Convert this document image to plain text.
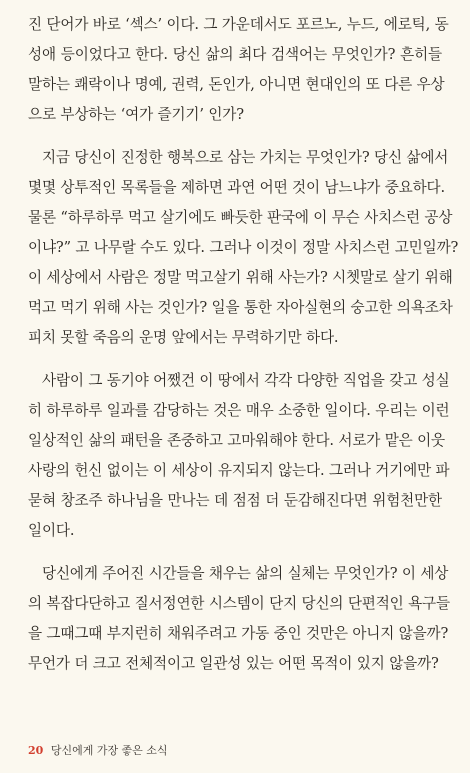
진 단어가 바로 ‘섹스’ 이다. 그 가운데서도 포르노, 누드, 에로틱, 동
성애 등이었다고 한다. 당신 삶의 최다 검색어는 무엇인가? 흔히들
말하는 쾌락이나 명예, 권력, 돈인가, 아니면 현대인의 또 다른 우상
으로 부상하는 ‘여가 즐기기’ 인가?
지금 당신이 진정한 행복으로 삼는 가치는 무엇인가? 당신 삶에서
몇몇 상투적인 목록들을 제하면 과연 어떤 것이 남느냐가 중요하다.
물론 “하루하루 먹고 살기에도 빠듯한 판국에 이 무슨 사치스런 공상
이냐?” 고 나무랄 수도 있다. 그러나 이것이 정말 사치스런 고민일까?
이 세상에서 사람은 정말 먹고살기 위해 사는가? 시쳇말로 살기 위해
먹고 먹기 위해 사는 것인가? 일을 통한 자아실현의 숭고한 의욕조차
피치 못할 죽음의 운명 앞에서는 무력하기만 하다.
사람이 그 동기야 어쨌건 이 땅에서 각각 다양한 직업을 갖고 성실
히 하루하루 일과를 감당하는 것은 매우 소중한 일이다. 우리는 이런
일상적인 삶의 패턴을 존중하고 고마워해야 한다. 서로가 맡은 이웃
사랑의 헌신 없이는 이 세상이 유지되지 않는다. 그러나 거기에만 파
묻혀 창조주 하나님을 만나는 데 점점 더 둔감해진다면 위험천만한
일이다.
당신에게 주어진 시간들을 채우는 삶의 실체는 무엇인가? 이 세상
의 복잡다단하고 질서정연한 시스템이 단지 당신의 단편적인 욕구들
을 그때그때 부지런히 채워주려고 가동 중인 것만은 아니지 않을까?
무언가 더 크고 전체적이고 일관성 있는 어떤 목적이 있지 않을까?
20 당신에게 가장 좋은 소식
